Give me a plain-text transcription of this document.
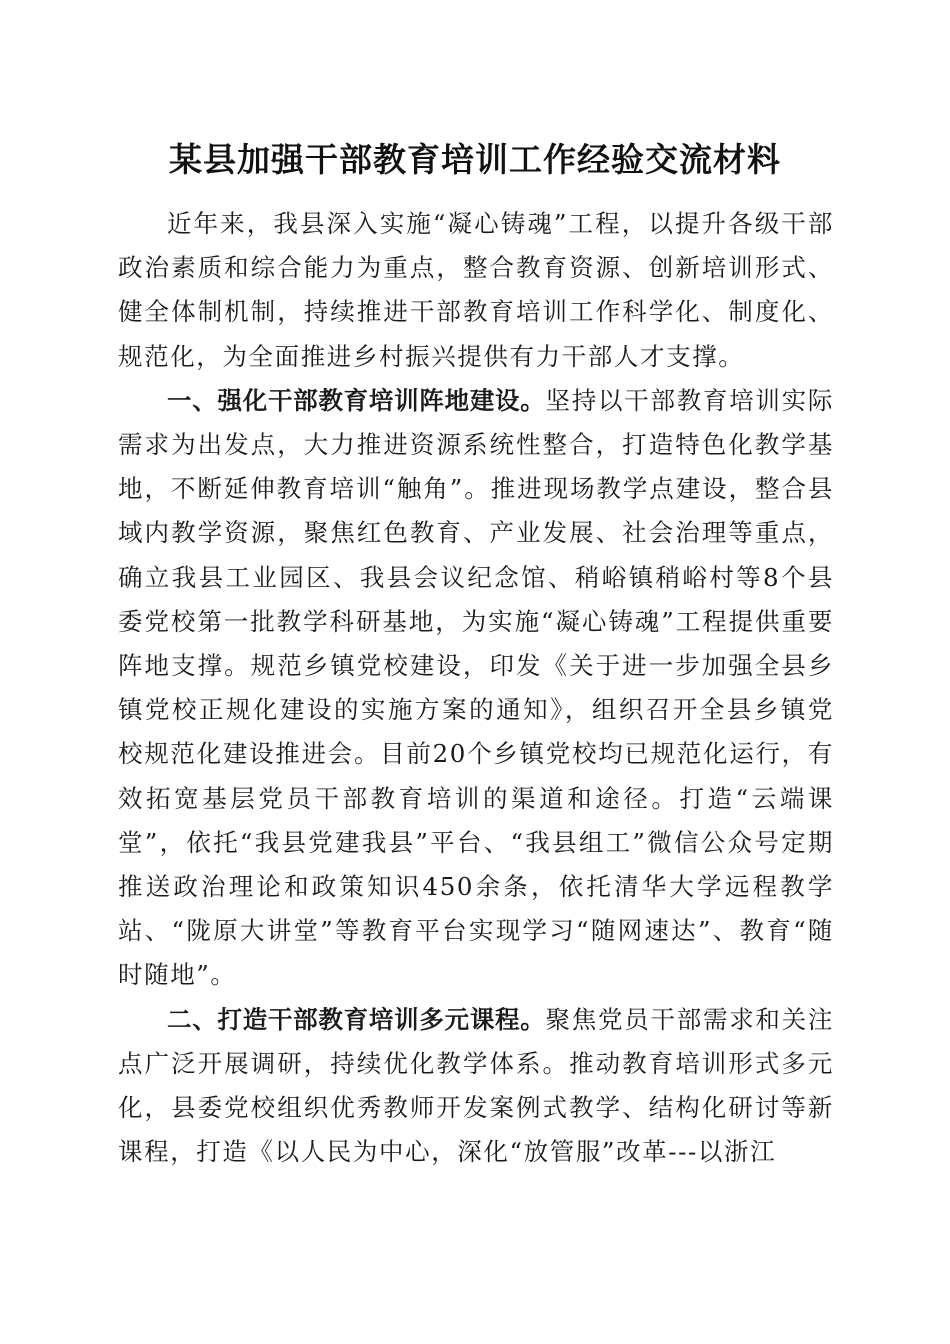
某县加强干部教育培训工作经验交流材料

近年来，我县深入实施“凝心铸魂”工程，以提升各级干部政治素质和综合能力为重点，整合教育资源、创新培训形式、健全体制机制，持续推进干部教育培训工作科学化、制度化、规范化，为全面推进乡村振兴提供有力干部人才支撑。

一、强化干部教育培训阵地建设。坚持以干部教育培训实际需求为出发点，大力推进资源系统性整合，打造特色化教学基地，不断延伸教育培训“触角”。推进现场教学点建设，整合县域内教学资源，聚焦红色教育、产业发展、社会治理等重点，确立我县工业园区、我县会议纪念馆、稍峪镇稍峪村等8个县委党校第一批教学科研基地，为实施“凝心铸魂”工程提供重要阵地支撑。规范乡镇党校建设，印发《关于进一步加强全县乡镇党校正规化建设的实施方案的通知》，组织召开全县乡镇党校规范化建设推进会。目前20个乡镇党校均已规范化运行，有效拓宽基层党员干部教育培训的渠道和途径。打造“云端课堂”，依托“我县党建我县”平台、“我县组工”微信公众号定期推送政治理论和政策知识450余条，依托清华大学远程教学站、“陇原大讲堂”等教育平台实现学习“随网速达”、教育“随时随地”。

二、打造干部教育培训多元课程。聚焦党员干部需求和关注点广泛开展调研，持续优化教学体系。推动教育培训形式多元化，县委党校组织优秀教师开发案例式教学、结构化研讨等新课程，打造《以人民为中心，深化“放管服”改革---以浙江
